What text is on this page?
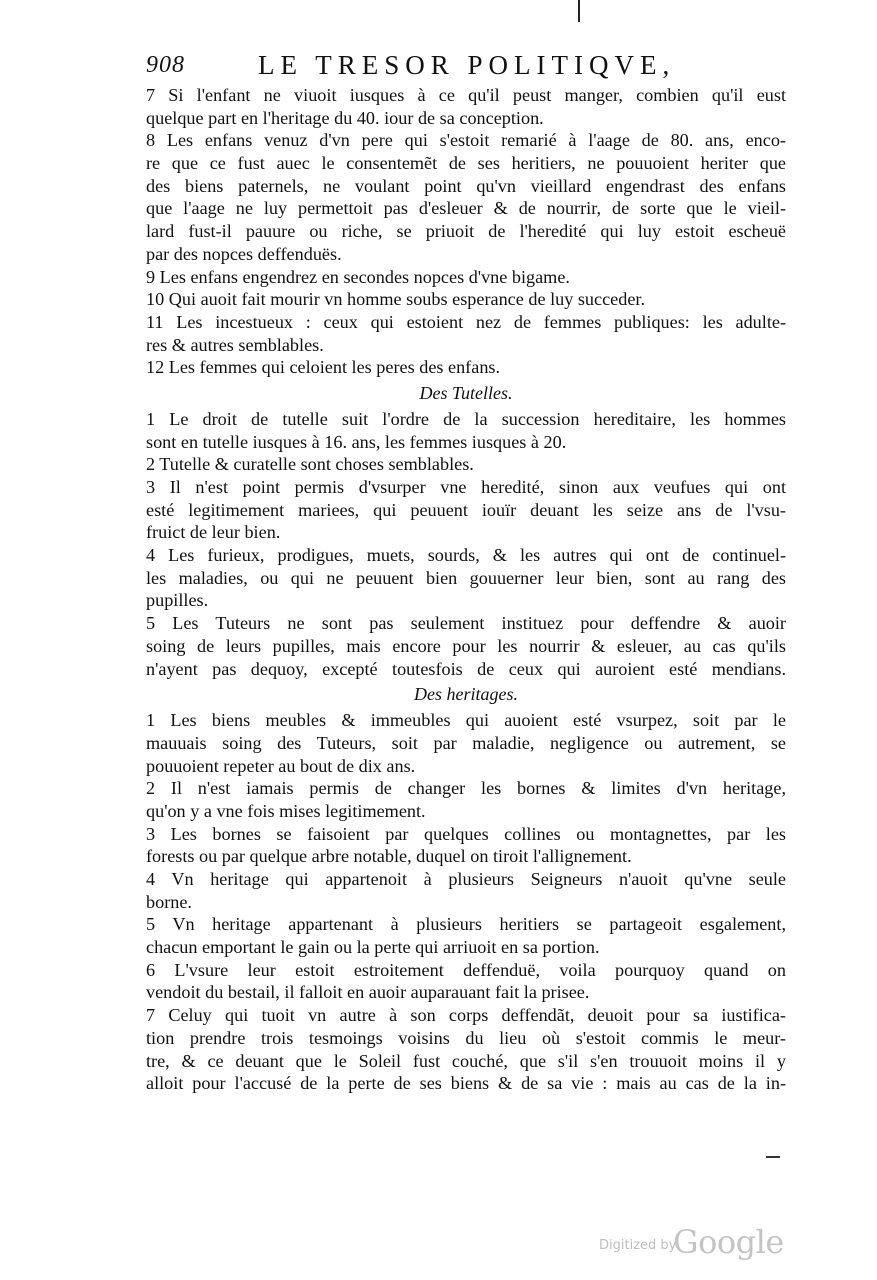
908	LE TRESOR POLITIQVE,
7 Si l'enfant ne viuoit iusques à ce qu'il peust manger, combien qu'il eust
quelque part en l'heritage du 40. iour de sa conception.
8 Les enfans venuz d'vn pere qui s'estoit remarié à l'aage de 80. ans, enco-
re que ce fust auec le consentemẽt de ses heritiers, ne pouuoient heriter que
des biens paternels, ne voulant point qu'vn vieillard engendrast des enfans
que l'aage ne luy permettoit pas d'esleuer & de nourrir, de sorte que le vieil-
lard fust-il pauure ou riche, se priuoit de l'heredité qui luy estoit escheuë
par des nopces deffenduës.
9 Les enfans engendrez en secondes nopces d'vne bigame.
10 Qui auoit fait mourir vn homme soubs esperance de luy succeder.
11 Les incestueux : ceux qui estoient nez de femmes publiques: les adulte-
res & autres semblables.
12 Les femmes qui celoient les peres des enfans.
Des Tutelles.
1 Le droit de tutelle suit l'ordre de la succession hereditaire, les hommes
sont en tutelle iusques à 16. ans, les femmes iusques à 20.
2 Tutelle & curatelle sont choses semblables.
3 Il n'est point permis d'vsurper vne heredité, sinon aux veufues qui ont
esté legitimement mariees, qui peuuent iouïr deuant les seize ans de l'vsu-
fruict de leur bien.
4 Les furieux, prodigues, muets, sourds, & les autres qui ont de continuel-
les maladies, ou qui ne peuuent bien gouuerner leur bien, sont au rang des
pupilles.
5 Les Tuteurs ne sont pas seulement instituez pour deffendre & auoir
soing de leurs pupilles, mais encore pour les nourrir & esleuer, au cas qu'ils
n'ayent pas dequoy, excepté toutesfois de ceux qui auroient esté mendians.
Des heritages.
1 Les biens meubles & immeubles qui auoient esté vsurpez, soit par le
mauuais soing des Tuteurs, soit par maladie, negligence ou autrement, se
pouuoient repeter au bout de dix ans.
2 Il n'est iamais permis de changer les bornes & limites d'vn heritage,
qu'on y a vne fois mises legitimement.
3 Les bornes se faisoient par quelques collines ou montagnettes, par les
forests ou par quelque arbre notable, duquel on tiroit l'allignement.
4 Vn heritage qui appartenoit à plusieurs Seigneurs n'auoit qu'vne seule
borne.
5 Vn heritage appartenant à plusieurs heritiers se partageoit esgalement,
chacun emportant le gain ou la perte qui arriuoit en sa portion.
6 L'vsure leur estoit estroitement deffenduë, voila pourquoy quand on
vendoit du bestail, il falloit en auoir auparauant fait la prisee.
7 Celuy qui tuoit vn autre à son corps deffendãt, deuoit pour sa iustifica-
tion prendre trois tesmoings voisins du lieu où s'estoit commis le meur-
tre, & ce deuant que le Soleil fust couché, que s'il s'en trouuoit moins il y
alloit pour l'accusé de la perte de ses biens & de sa vie : mais au cas de la in-
Digitized by
Google
